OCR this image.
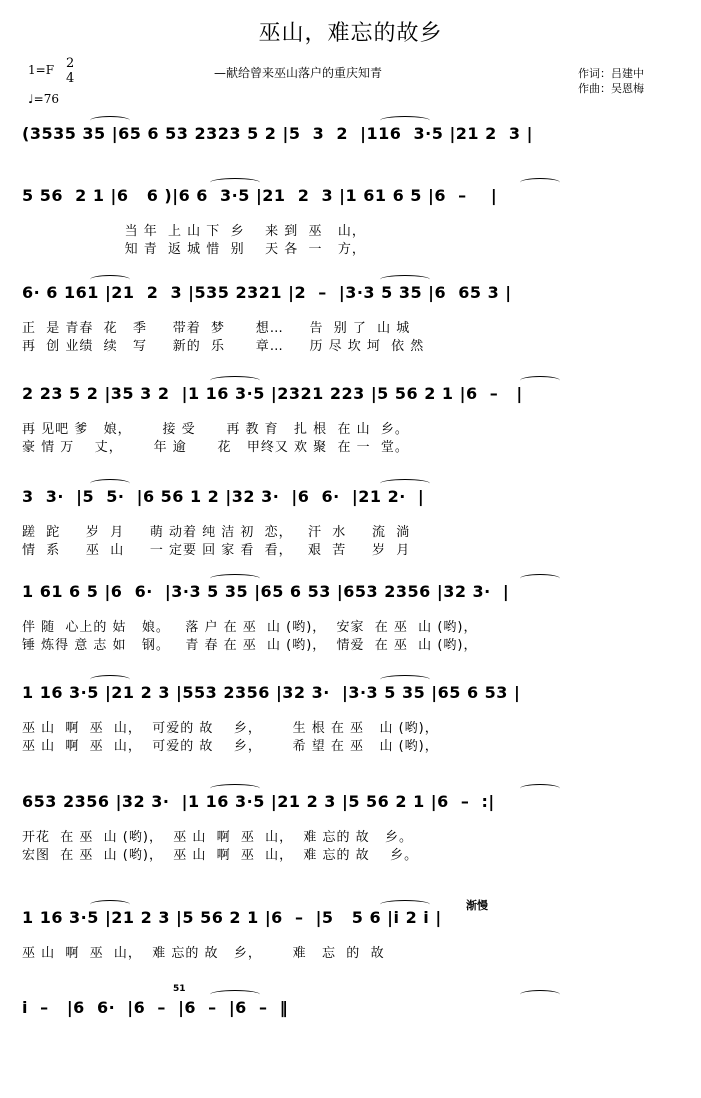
巫山，难忘的故乡
—献给曾来巫山落户的重庆知青	作词：吕建中
作曲：吴恩梅
1=F 2
4
♩=76
(3535 35 |65 6 53 2323 5 2 |5  3  2  |116  3·5 |21 2  3 |
5 56  2 1 |6   6 )|6 6  3·5 |21  2  3 |1 61 6 5 |6  –    |
当 年  上 山 下  乡    来 到  巫   山，
知 青  返 城 惜  别    天 各  一   方，
6· 6 161 |21  2  3 |535 2321 |2  –  |3·3 5 35 |6  65 3 |
正  是 青春  花   季     带着  梦      想…     告  别 了  山 城
再  创 业绩  续   写     新的  乐      章…     历 尽 坎 坷  依 然
2 23 5 2 |35 3 2  |1 16 3·5 |2321 223 |5 56 2 1 |6  –   |
再 见吧 爹   娘，      接 受      再 教 育   扎 根  在 山  乡。
豪 情 万    丈，      年 逾      花   甲终又 欢 聚  在 一  堂。
3  3·  |5  5·  |6 56 1 2 |32 3·  |6  6·  |21 2·  |
蹉  跎     岁  月     萌 动着 纯 洁 初  恋，   汗  水     流  淌
情  系     巫  山     一 定要 回 家 看  看，   艰  苦     岁  月
1 61 6 5 |6  6·  |3·3 5 35 |65 6 53 |653 2356 |32 3·  |
伴 随  心上的 姑   娘。   落 户 在 巫  山 (哟)，  安家  在 巫  山 (哟)，
锤 炼得 意 志 如   钢。   青 春 在 巫  山 (哟)，  情爱  在 巫  山 (哟)，
1 16 3·5 |21 2 3 |553 2356 |32 3·  |3·3 5 35 |65 6 53 |
巫 山  啊  巫  山，  可爱的 故    乡，      生 根 在 巫   山 (哟)，
巫 山  啊  巫  山，  可爱的 故    乡，      希 望 在 巫   山 (哟)，
653 2356 |32 3·  |1 16 3·5 |21 2 3 |5 56 2 1 |6  –  :|
开花  在 巫  山 (哟)，  巫 山  啊  巫  山，  难 忘的 故   乡。
宏图  在 巫  山 (哟)，  巫 山  啊  巫  山，  难 忘的 故    乡。
1 16 3·5 |21 2 3 |5 56 2 1 |6  –  |5   5 6 |i 2 i |
巫 山  啊  巫  山，  难 忘的 故   乡，      难   忘  的  故
i  –   |6  6·  |6  –  |6  –  |6  –  ‖
渐慢
51
